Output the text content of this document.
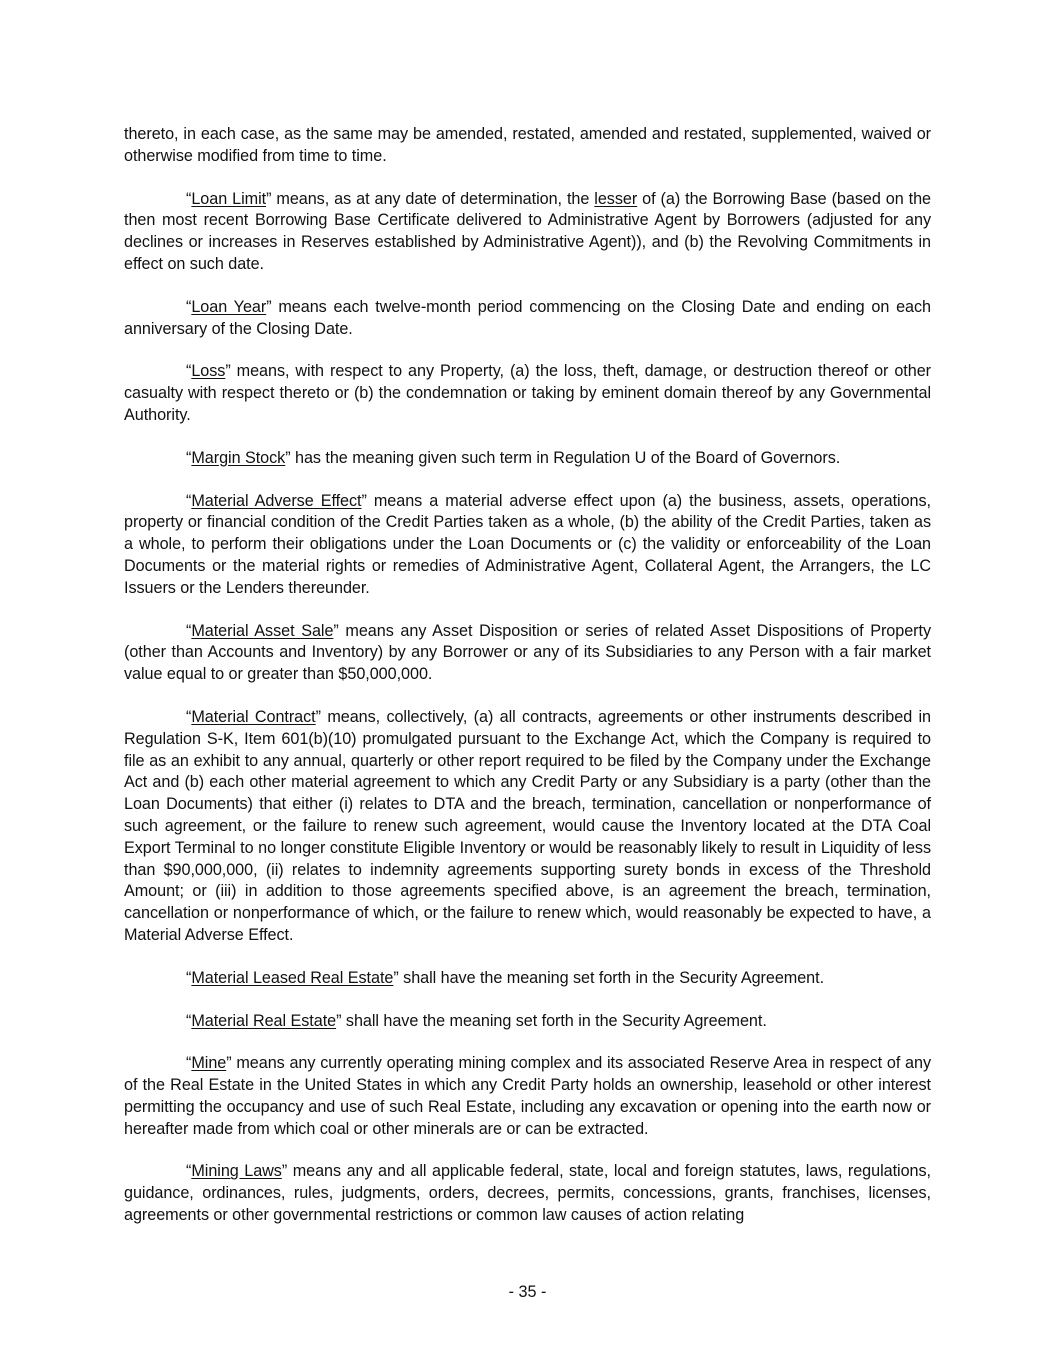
thereto, in each case, as the same may be amended, restated, amended and restated, supplemented, waived or otherwise modified from time to time.

“Loan Limit” means, as at any date of determination, the lesser of (a) the Borrowing Base (based on the then most recent Borrowing Base Certificate delivered to Administrative Agent by Borrowers (adjusted for any declines or increases in Reserves established by Administrative Agent)), and (b) the Revolving Commitments in effect on such date.

“Loan Year” means each twelve-month period commencing on the Closing Date and ending on each anniversary of the Closing Date.

“Loss” means, with respect to any Property, (a) the loss, theft, damage, or destruction thereof or other casualty with respect thereto or (b) the condemnation or taking by eminent domain thereof by any Governmental Authority.

“Margin Stock” has the meaning given such term in Regulation U of the Board of Governors.

“Material Adverse Effect” means a material adverse effect upon (a) the business, assets, operations, property or financial condition of the Credit Parties taken as a whole, (b) the ability of the Credit Parties, taken as a whole, to perform their obligations under the Loan Documents or (c) the validity or enforceability of the Loan Documents or the material rights or remedies of Administrative Agent, Collateral Agent, the Arrangers, the LC Issuers or the Lenders thereunder.

“Material Asset Sale” means any Asset Disposition or series of related Asset Dispositions of Property (other than Accounts and Inventory) by any Borrower or any of its Subsidiaries to any Person with a fair market value equal to or greater than $50,000,000.

“Material Contract” means, collectively, (a) all contracts, agreements or other instruments described in Regulation S-K, Item 601(b)(10) promulgated pursuant to the Exchange Act, which the Company is required to file as an exhibit to any annual, quarterly or other report required to be filed by the Company under the Exchange Act and (b) each other material agreement to which any Credit Party or any Subsidiary is a party (other than the Loan Documents) that either (i) relates to DTA and the breach, termination, cancellation or nonperformance of such agreement, or the failure to renew such agreement, would cause the Inventory located at the DTA Coal Export Terminal to no longer constitute Eligible Inventory or would be reasonably likely to result in Liquidity of less than $90,000,000, (ii) relates to indemnity agreements supporting surety bonds in excess of the Threshold Amount; or (iii) in addition to those agreements specified above, is an agreement the breach, termination, cancellation or nonperformance of which, or the failure to renew which, would reasonably be expected to have, a Material Adverse Effect.

“Material Leased Real Estate” shall have the meaning set forth in the Security Agreement.

“Material Real Estate” shall have the meaning set forth in the Security Agreement.

“Mine” means any currently operating mining complex and its associated Reserve Area in respect of any of the Real Estate in the United States in which any Credit Party holds an ownership, leasehold or other interest permitting the occupancy and use of such Real Estate, including any excavation or opening into the earth now or hereafter made from which coal or other minerals are or can be extracted.

“Mining Laws” means any and all applicable federal, state, local and foreign statutes, laws, regulations, guidance, ordinances, rules, judgments, orders, decrees, permits, concessions, grants, franchises, licenses, agreements or other governmental restrictions or common law causes of action relating

- 35 -
